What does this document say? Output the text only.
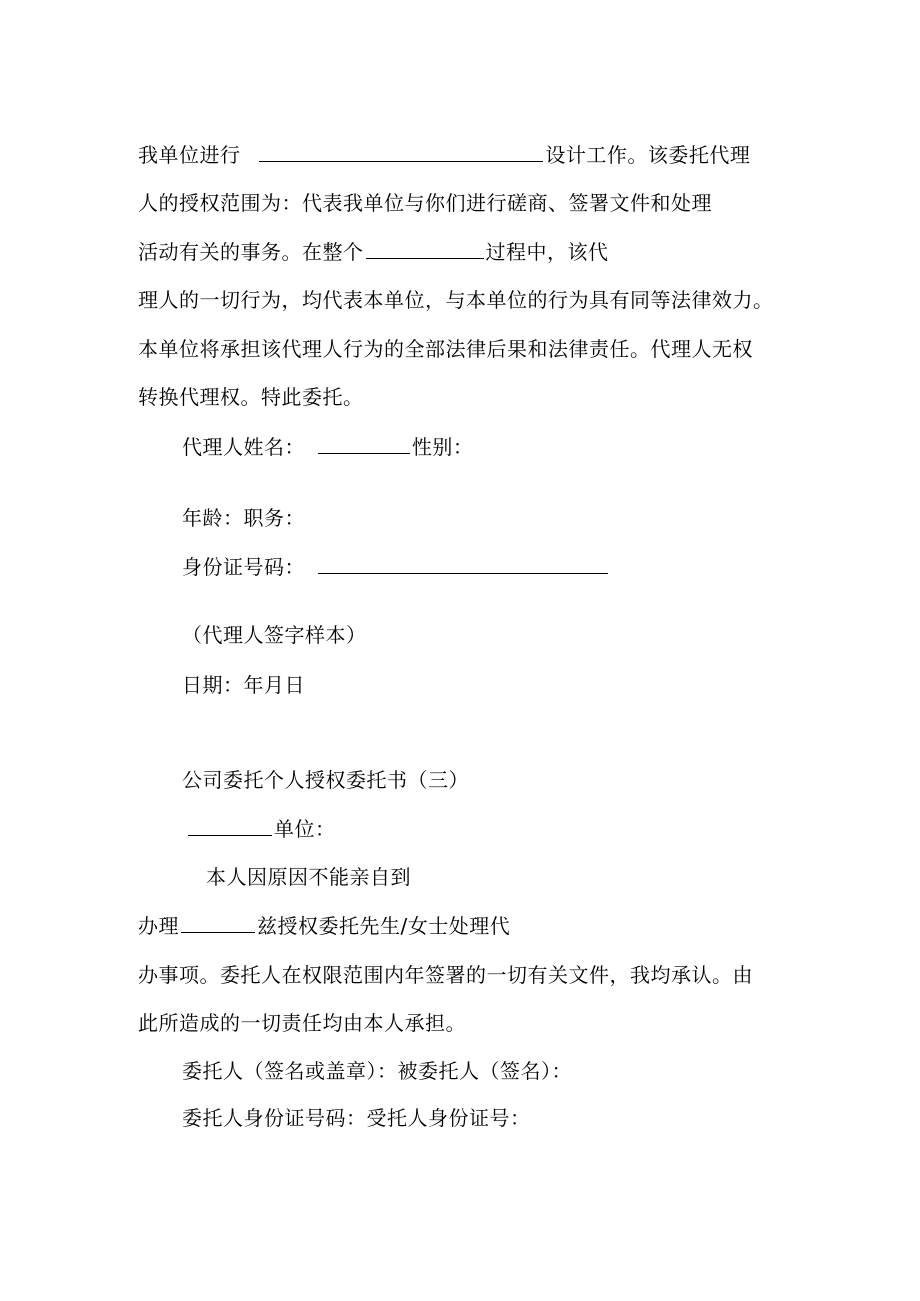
我单位进行	设计工作。该委托代理
人的授权范围为：代表我单位与你们进行磋商、签署文件和处理
活动有关的事务。在整个	过程中，该代
理人的一切行为，均代表本单位，与本单位的行为具有同等法律效力。
本单位将承担该代理人行为的全部法律后果和法律责任。代理人无权
转换代理权。特此委托。
代理人姓名：	性别：
年龄：职务：
身份证号码：
（代理人签字样本）
日期：年月日
公司委托个人授权委托书（三）
单位：
本人因原因不能亲自到
办理	兹授权委托先生/女士处理代
办事项。委托人在权限范围内年签署的一切有关文件，我均承认。由
此所造成的一切责任均由本人承担。
委托人（签名或盖章）：被委托人（签名）：
委托人身份证号码：受托人身份证号：
